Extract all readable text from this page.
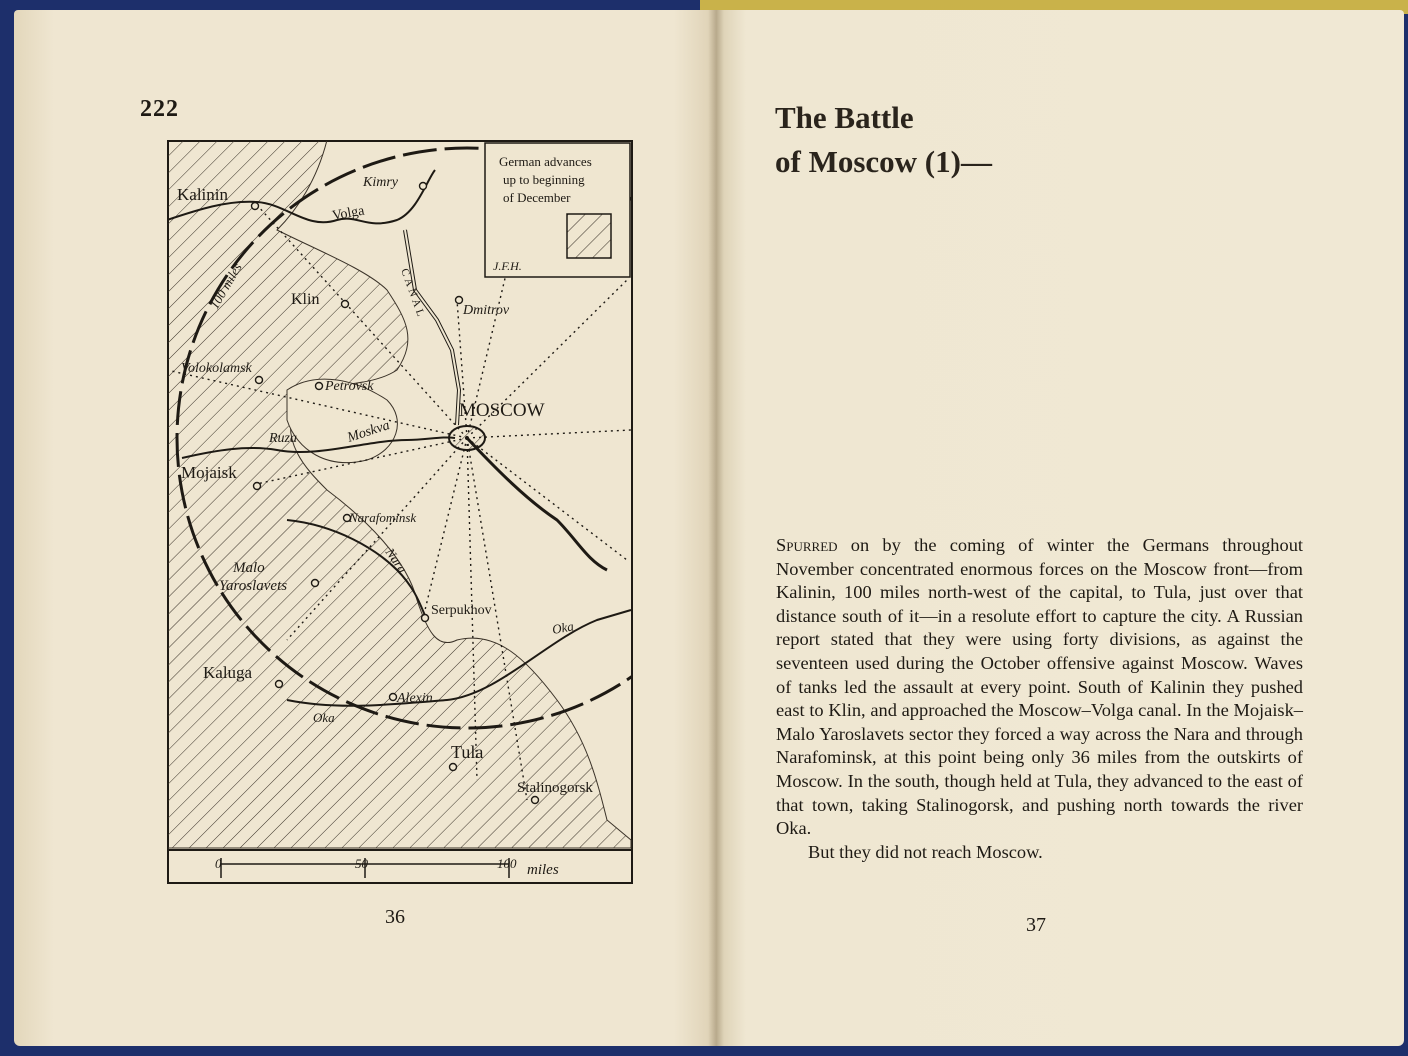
222
German advances
up to beginning
of December
J.F.H.
100 miles
Kalinin
Kimry
Klin
Dmitrov
Volokolamsk
Petrovsk
MOSCOW
Ruza
Mojaisk
Narafominsk
Malo
Yaroslavets
Serpukhov
Kaluga
Alexin
Tula
Stalinogorsk
Volga
CANAL
Moskva
Nara
Oka
Oka
0	50	100 miles
36
The Battle
of Moscow (1)—

Spurred on by the coming of winter the Germans throughout November concentrated enormous forces on the Moscow front—from Kalinin, 100 miles north-west of the capital, to Tula, just over that distance south of it—in a resolute effort to capture the city. A Russian report stated that they were using forty divisions, as against the seventeen used during the October offensive against Moscow. Waves of tanks led the assault at every point. South of Kalinin they pushed east to Klin, and approached the Moscow–Volga canal. In the Mojaisk–Malo Yaroslavets sector they forced a way across the Nara and through Narafominsk, at this point being only 36 miles from the outskirts of Moscow. In the south, though held at Tula, they advanced to the east of that town, taking Stalinogorsk, and pushing north towards the river Oka.

But they did not reach Moscow.

37
